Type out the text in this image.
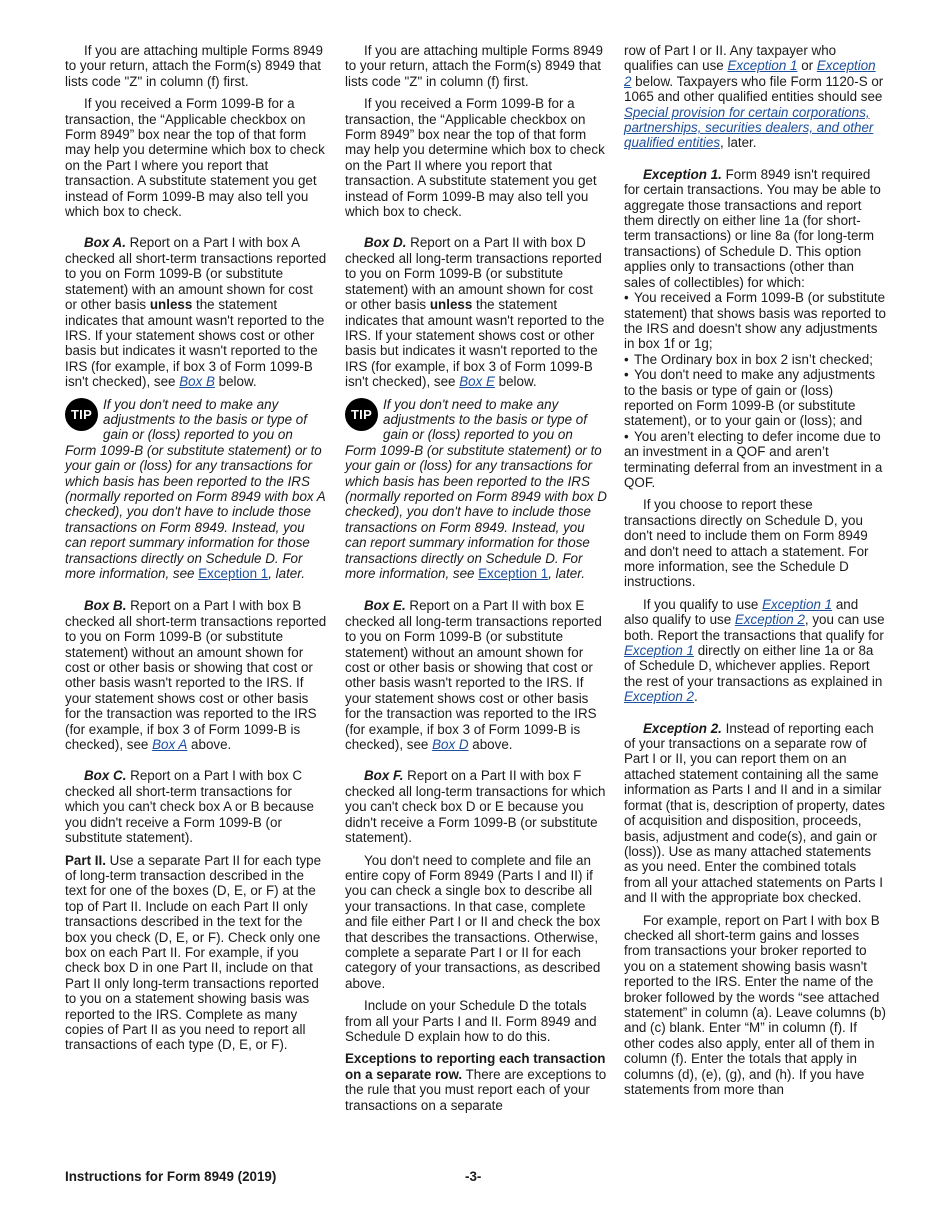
If you are attaching multiple Forms 8949 to your return, attach the Form(s) 8949 that lists code "Z" in column (f) first.

If you received a Form 1099-B for a transaction, the “Applicable checkbox on Form 8949” box near the top of that form may help you determine which box to check on the Part I where you report that transaction. A substitute statement you get instead of Form 1099-B may also tell you which box to check.

Box A. Report on a Part I with box A checked all short-term transactions reported to you on Form 1099-B (or substitute statement) with an amount shown for cost or other basis unless the statement indicates that amount wasn't reported to the IRS. If your statement shows cost or other basis but indicates it wasn't reported to the IRS (for example, if box 3 of Form 1099-B isn't checked), see Box B below.

TIP
If you don't need to make any adjustments to the basis or type of gain or (loss) reported to you on Form 1099-B (or substitute statement) or to your gain or (loss) for any transactions for which basis has been reported to the IRS (normally reported on Form 8949 with box A checked), you don't have to include those transactions on Form 8949. Instead, you can report summary information for those transactions directly on Schedule D. For more information, see Exception 1, later.

Box B. Report on a Part I with box B checked all short-term transactions reported to you on Form 1099-B (or substitute statement) without an amount shown for cost or other basis or showing that cost or other basis wasn't reported to the IRS. If your statement shows cost or other basis for the transaction was reported to the IRS (for example, if box 3 of Form 1099-B is checked), see Box A above.

Box C. Report on a Part I with box C checked all short-term transactions for which you can't check box A or B because you didn't receive a Form 1099-B (or substitute statement).

Part II. Use a separate Part II for each type of long-term transaction described in the text for one of the boxes (D, E, or F) at the top of Part II. Include on each Part II only transactions described in the text for the box you check (D, E, or F). Check only one box on each Part II. For example, if you check box D in one Part II, include on that Part II only long-term transactions reported to you on a statement showing basis was reported to the IRS. Complete as many copies of Part II as you need to report all transactions of each type (D, E, or F).

If you are attaching multiple Forms 8949 to your return, attach the Form(s) 8949 that lists code "Z" in column (f) first.

If you received a Form 1099-B for a transaction, the “Applicable checkbox on Form 8949” box near the top of that form may help you determine which box to check on the Part II where you report that transaction. A substitute statement you get instead of Form 1099-B may also tell you which box to check.

Box D. Report on a Part II with box D checked all long-term transactions reported to you on Form 1099-B (or substitute statement) with an amount shown for cost or other basis unless the statement indicates that amount wasn't reported to the IRS. If your statement shows cost or other basis but indicates it wasn't reported to the IRS (for example, if box 3 of Form 1099-B isn't checked), see Box E below.

TIP
If you don't need to make any adjustments to the basis or type of gain or (loss) reported to you on Form 1099-B (or substitute statement) or to your gain or (loss) for any transactions for which basis has been reported to the IRS (normally reported on Form 8949 with box D checked), you don't have to include those transactions on Form 8949. Instead, you can report summary information for those transactions directly on Schedule D. For more information, see Exception 1, later.

Box E. Report on a Part II with box E checked all long-term transactions reported to you on Form 1099-B (or substitute statement) without an amount shown for cost or other basis or showing that cost or other basis wasn't reported to the IRS. If your statement shows cost or other basis for the transaction was reported to the IRS (for example, if box 3 of Form 1099-B is checked), see Box D above.

Box F. Report on a Part II with box F checked all long-term transactions for which you can't check box D or E because you didn't receive a Form 1099-B (or substitute statement).

You don't need to complete and file an entire copy of Form 8949 (Parts I and II) if you can check a single box to describe all your transactions. In that case, complete and file either Part I or II and check the box that describes the transactions. Otherwise, complete a separate Part I or II for each category of your transactions, as described above.

Include on your Schedule D the totals from all your Parts I and II. Form 8949 and Schedule D explain how to do this.

Exceptions to reporting each transaction on a separate row. There are exceptions to the rule that you must report each of your transactions on a separate

row of Part I or II. Any taxpayer who qualifies can use Exception 1 or Exception 2 below. Taxpayers who file Form 1120-S or 1065 and other qualified entities should see Special provision for certain corporations, partnerships, securities dealers, and other qualified entities, later.

Exception 1. Form 8949 isn't required for certain transactions. You may be able to aggregate those transactions and report them directly on either line 1a (for short-term transactions) or line 8a (for long-term transactions) of Schedule D. This option applies only to transactions (other than sales of collectibles) for which:

• You received a Form 1099-B (or substitute statement) that shows basis was reported to the IRS and doesn't show any adjustments in box 1f or 1g;
• The Ordinary box in box 2 isn’t checked;
• You don't need to make any adjustments to the basis or type of gain or (loss) reported on Form 1099-B (or substitute statement), or to your gain or (loss); and
• You aren’t electing to defer income due to an investment in a QOF and aren’t terminating deferral from an investment in a QOF.

If you choose to report these transactions directly on Schedule D, you don't need to include them on Form 8949 and don't need to attach a statement. For more information, see the Schedule D instructions.

If you qualify to use Exception 1 and also qualify to use Exception 2, you can use both. Report the transactions that qualify for Exception 1 directly on either line 1a or 8a of Schedule D, whichever applies. Report the rest of your transactions as explained in Exception 2.

Exception 2. Instead of reporting each of your transactions on a separate row of Part I or II, you can report them on an attached statement containing all the same information as Parts I and II and in a similar format (that is, description of property, dates of acquisition and disposition, proceeds, basis, adjustment and code(s), and gain or (loss)). Use as many attached statements as you need. Enter the combined totals from all your attached statements on Parts I and II with the appropriate box checked.

For example, report on Part I with box B checked all short-term gains and losses from transactions your broker reported to you on a statement showing basis wasn't reported to the IRS. Enter the name of the broker followed by the words “see attached statement” in column (a). Leave columns (b) and (c) blank. Enter “M” in column (f). If other codes also apply, enter all of them in column (f). Enter the totals that apply in columns (d), (e), (g), and (h). If you have statements from more than

Instructions for Form 8949 (2019)	-3-
